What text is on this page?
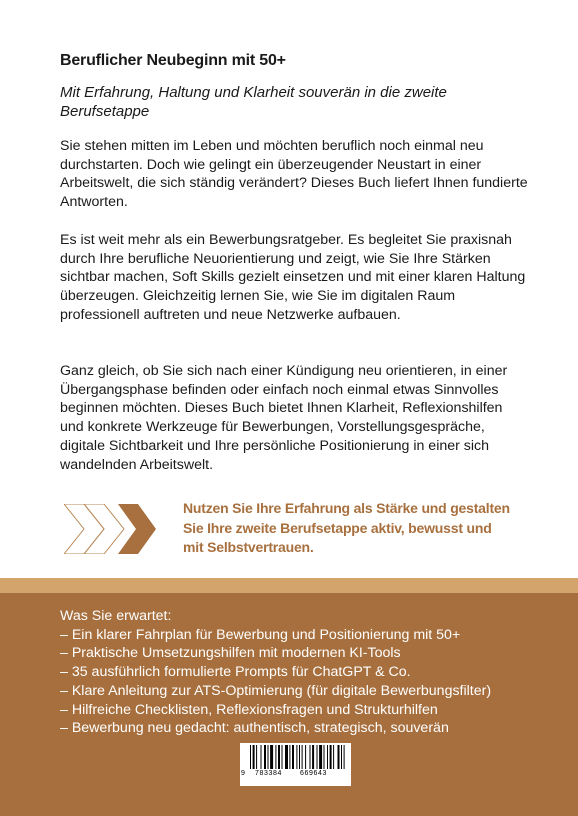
Beruflicher Neubeginn mit 50+
Mit Erfahrung, Haltung und Klarheit souverän in die zweite Berufsetappe

Sie stehen mitten im Leben und möchten beruflich noch einmal neu durchstarten. Doch wie gelingt ein überzeugender Neustart in einer Arbeitswelt, die sich ständig verändert? Dieses Buch liefert Ihnen fundierte Antworten.

Es ist weit mehr als ein Bewerbungsratgeber. Es begleitet Sie praxisnah durch Ihre berufliche Neuorientierung und zeigt, wie Sie Ihre Stärken sichtbar machen, Soft Skills gezielt einsetzen und mit einer klaren Haltung überzeugen. Gleichzeitig lernen Sie, wie Sie im digitalen Raum professionell auftreten und neue Netzwerke aufbauen.

Ganz gleich, ob Sie sich nach einer Kündigung neu orientieren, in einer Übergangsphase befinden oder einfach noch einmal etwas Sinnvolles beginnen möchten. Dieses Buch bietet Ihnen Klarheit, Reflexionshilfen und konkrete Werkzeuge für Bewerbungen, Vorstellungsgespräche, digitale Sichtbarkeit und Ihre persönliche Positionierung in einer sich wandelnden Arbeitswelt.

Nutzen Sie Ihre Erfahrung als Stärke und gestalten Sie Ihre zweite Berufsetappe aktiv, bewusst und mit Selbstvertrauen.
Was Sie erwartet:
– Ein klarer Fahrplan für Bewerbung und Positionierung mit 50+
– Praktische Umsetzungshilfen mit modernen KI-Tools
– 35 ausführlich formulierte Prompts für ChatGPT & Co.
– Klare Anleitung zur ATS-Optimierung (für digitale Bewerbungsfilter)
– Hilfreiche Checklisten, Reflexionsfragen und Strukturhilfen
– Bewerbung neu gedacht: authentisch, strategisch, souverän
9 783384	669643
